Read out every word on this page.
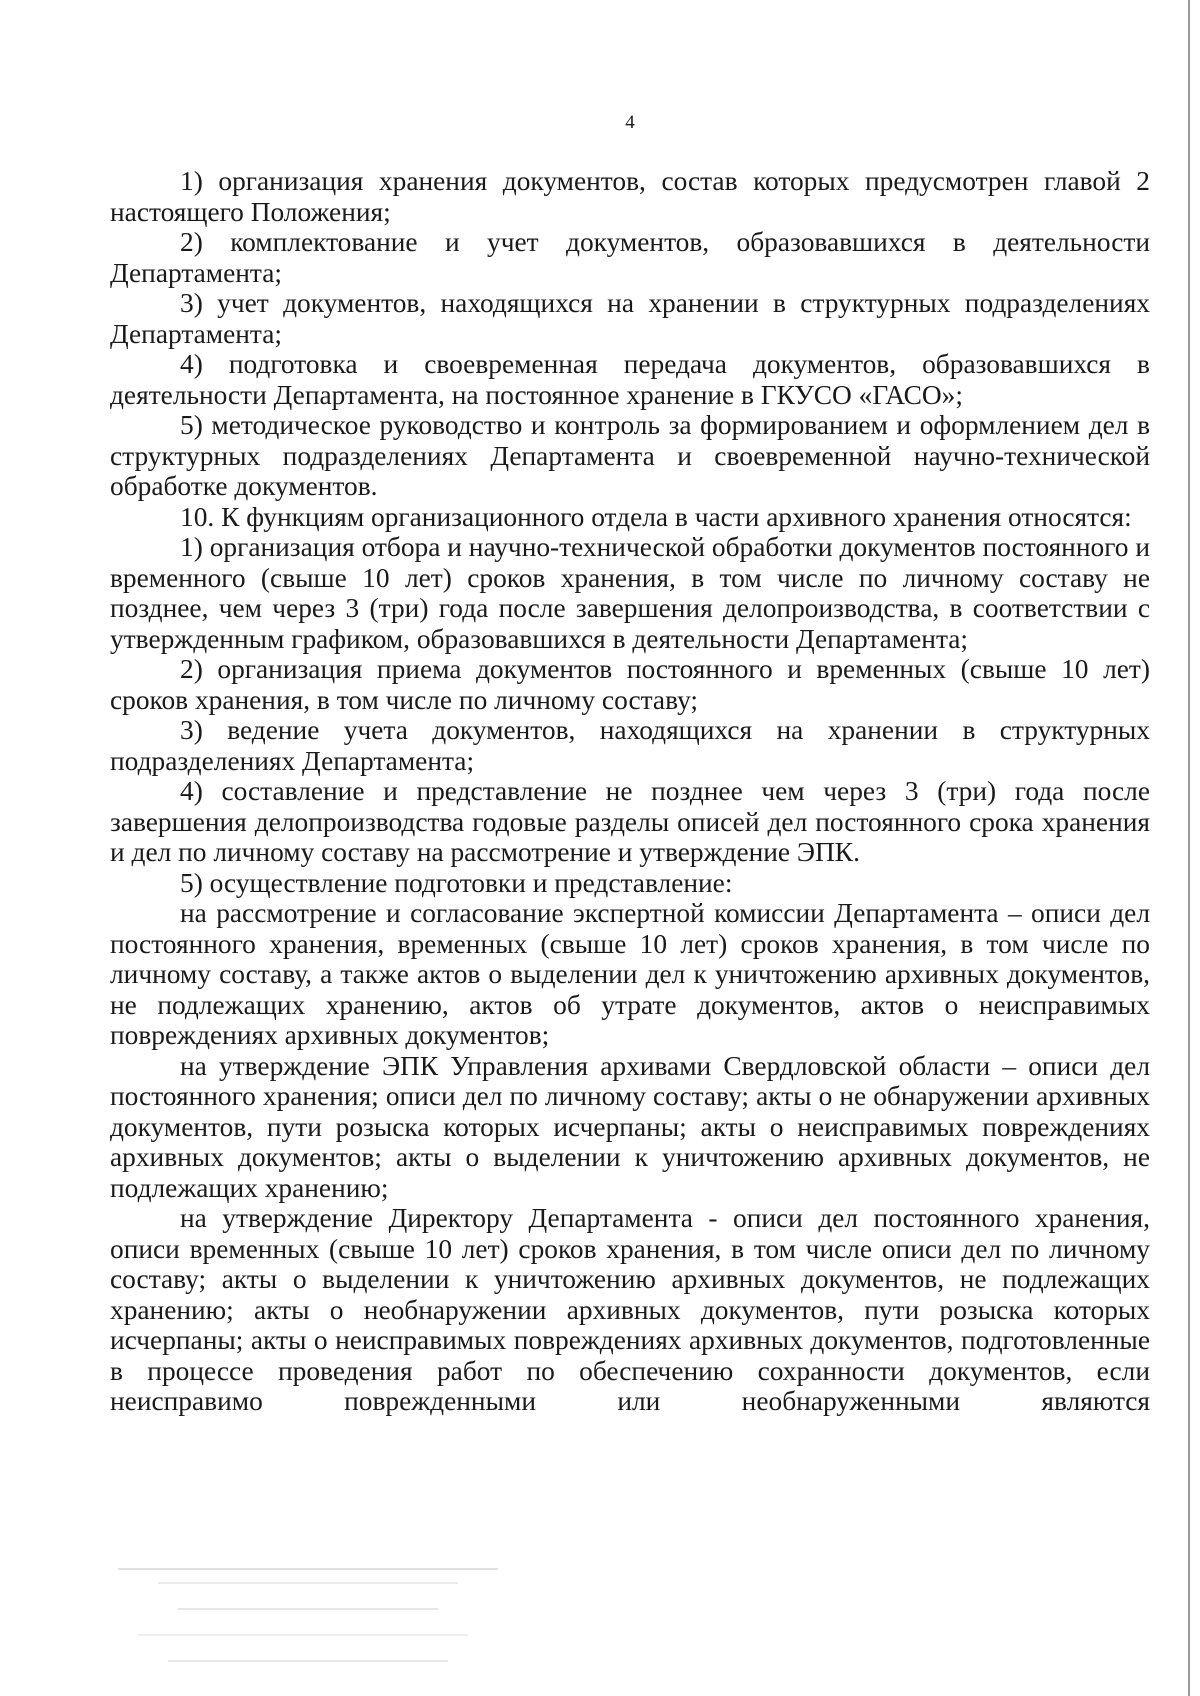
4

1) организация хранения документов, состав которых предусмотрен главой 2 настоящего Положения;

2) комплектование и учет документов, образовавшихся в деятельности Департамента;

3) учет документов, находящихся на хранении в структурных подразделениях Департамента;

4) подготовка и своевременная передача документов, образовавшихся в деятельности Департамента, на постоянное хранение в ГКУСО «ГАСО»;

5) методическое руководство и контроль за формированием и оформлением дел в структурных подразделениях Департамента и своевременной научно-технической обработке документов.

10. К функциям организационного отдела в части архивного хранения относятся:

1) организация отбора и научно-технической обработки документов постоянного и временного (свыше 10 лет) сроков хранения, в том числе по личному составу не позднее, чем через 3 (три) года после завершения делопроизводства, в соответствии с утвержденным графиком, образовавшихся в деятельности Департамента;

2) организация приема документов постоянного и временных (свыше 10 лет) сроков хранения, в том числе по личному составу;

3) ведение учета документов, находящихся на хранении в структурных подразделениях Департамента;

4) составление и представление не позднее чем через 3 (три) года после завершения делопроизводства годовые разделы описей дел постоянного срока хранения и дел по личному составу на рассмотрение и утверждение ЭПК.

5) осуществление подготовки и представление:

на рассмотрение и согласование экспертной комиссии Департамента – описи дел постоянного хранения, временных (свыше 10 лет) сроков хранения, в том числе по личному составу, а также актов о выделении дел к уничтожению архивных документов, не подлежащих хранению, актов об утрате документов, актов о неисправимых повреждениях архивных документов;

на утверждение ЭПК Управления архивами Свердловской области – описи дел постоянного хранения; описи дел по личному составу; акты о не обнаружении архивных документов, пути розыска которых исчерпаны; акты о неисправимых повреждениях архивных документов; акты о выделении к уничтожению архивных документов, не подлежащих хранению;

на утверждение Директору Департамента - описи дел постоянного хранения, описи временных (свыше 10 лет) сроков хранения, в том числе описи дел по личному составу; акты о выделении к уничтожению архивных документов, не подлежащих хранению; акты о необнаружении архивных документов, пути розыска которых исчерпаны; акты о неисправимых повреждениях архивных документов, подготовленные в процессе проведения работ по обеспечению сохранности документов, если неисправимо поврежденными или необнаруженными являются
